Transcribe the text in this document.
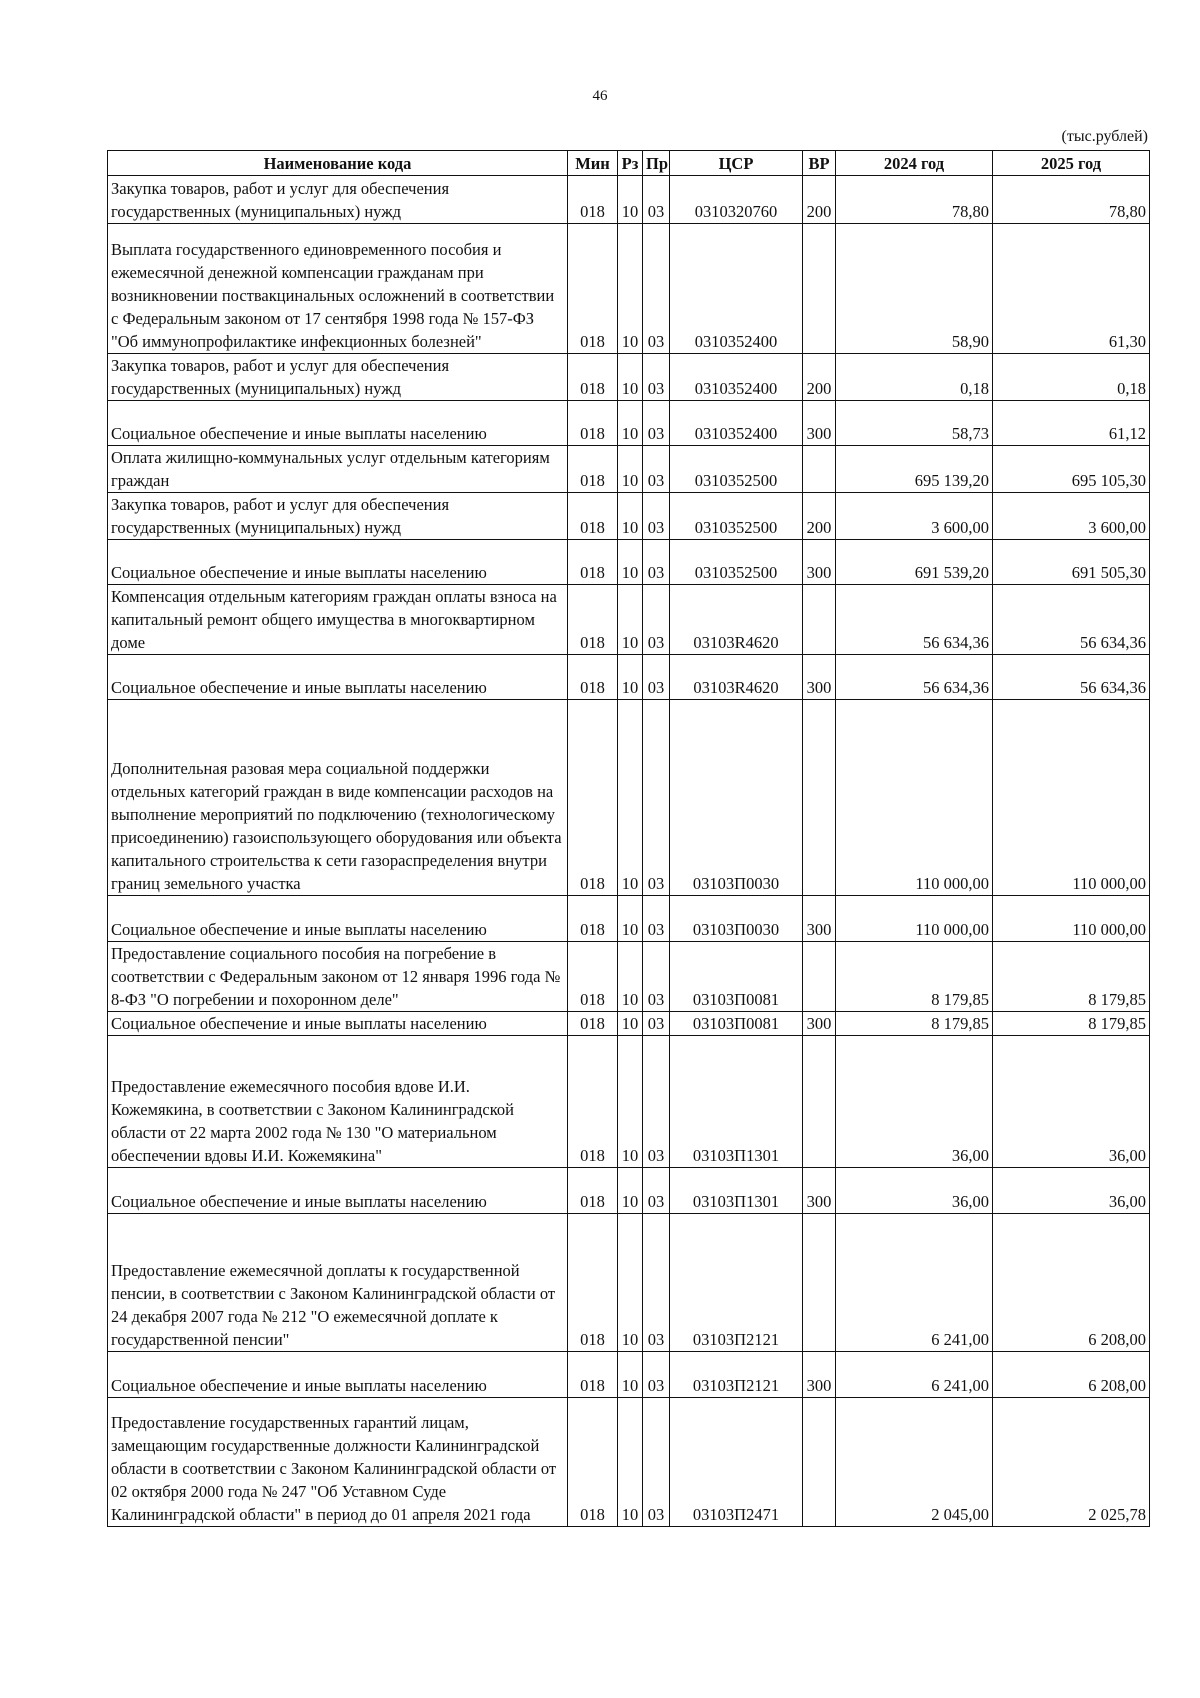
46
(тыс.рублей)
Наименование кода	Мин	Рз	Пр	ЦСР	ВР	2024 год	2025 год
Закупка товаров, работ и услуг для обеспечения государственных (муниципальных) нужд	018	10	03	0310320760	200	78,80	78,80
Выплата государственного единовременного пособия и ежемесячной денежной компенсации гражданам при возникновении поствакцинальных осложнений в соответствии с Федеральным законом от 17 сентября 1998 года № 157-ФЗ "Об иммунопрофилактике инфекционных болезней"	018	10	03	0310352400		58,90	61,30
Закупка товаров, работ и услуг для обеспечения государственных (муниципальных) нужд	018	10	03	0310352400	200	0,18	0,18
Социальное обеспечение и иные выплаты населению	018	10	03	0310352400	300	58,73	61,12
Оплата жилищно-коммунальных услуг отдельным категориям граждан	018	10	03	0310352500		695 139,20	695 105,30
Закупка товаров, работ и услуг для обеспечения государственных (муниципальных) нужд	018	10	03	0310352500	200	3 600,00	3 600,00
Социальное обеспечение и иные выплаты населению	018	10	03	0310352500	300	691 539,20	691 505,30
Компенсация отдельным категориям граждан оплаты взноса на капитальный ремонт общего имущества в многоквартирном доме	018	10	03	03103R4620		56 634,36	56 634,36
Социальное обеспечение и иные выплаты населению	018	10	03	03103R4620	300	56 634,36	56 634,36
Дополнительная разовая мера социальной поддержки отдельных категорий граждан в виде компенсации расходов на выполнение мероприятий по подключению (технологическому присоединению) газоиспользующего оборудования или объекта капитального строительства к сети газораспределения внутри границ земельного участка	018	10	03	03103П0030		110 000,00	110 000,00
Социальное обеспечение и иные выплаты населению	018	10	03	03103П0030	300	110 000,00	110 000,00
Предоставление социального пособия на погребение в соответствии с Федеральным законом от 12 января 1996 года № 8-ФЗ "О погребении и похоронном деле"	018	10	03	03103П0081		8 179,85	8 179,85
Социальное обеспечение и иные выплаты населению	018	10	03	03103П0081	300	8 179,85	8 179,85
Предоставление ежемесячного пособия вдове И.И. Кожемякина, в соответствии с Законом Калининградской области от 22 марта 2002 года № 130 "О материальном обеспечении вдовы И.И. Кожемякина"	018	10	03	03103П1301		36,00	36,00
Социальное обеспечение и иные выплаты населению	018	10	03	03103П1301	300	36,00	36,00
Предоставление ежемесячной доплаты к государственной пенсии, в соответствии с Законом Калининградской области от 24 декабря 2007 года № 212 "О ежемесячной доплате к государственной пенсии"	018	10	03	03103П2121		6 241,00	6 208,00
Социальное обеспечение и иные выплаты населению	018	10	03	03103П2121	300	6 241,00	6 208,00
Предоставление государственных гарантий лицам, замещающим государственные должности Калининградской области в соответствии с Законом Калининградской области от 02 октября 2000 года № 247 "Об Уставном Суде Калининградской области" в период до 01 апреля 2021 года	018	10	03	03103П2471		2 045,00	2 025,78
